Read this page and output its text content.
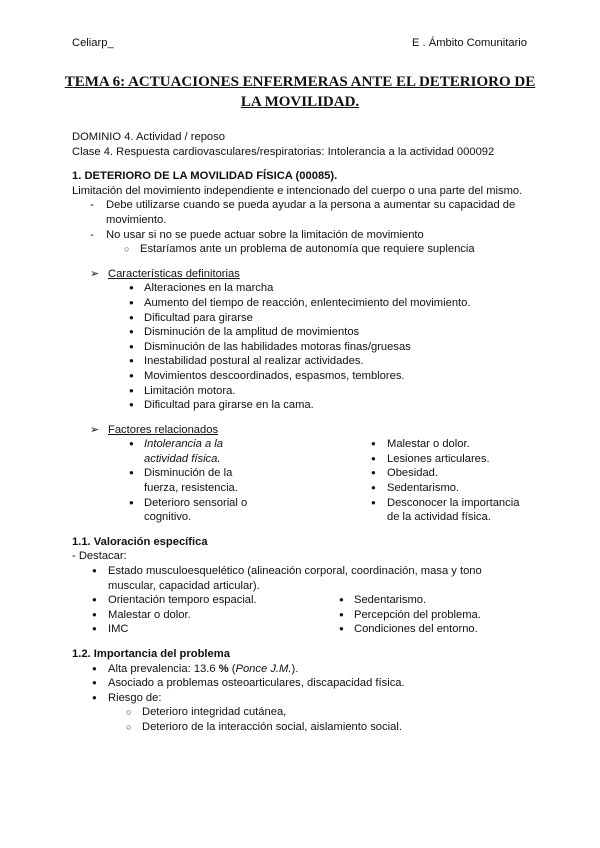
Celiarp_	E . Ámbito Comunitario
TEMA 6: ACTUACIONES ENFERMERAS ANTE EL DETERIORO DE LA MOVILIDAD.

DOMINIO 4. Actividad / reposo

Clase 4. Respuesta cardiovasculares/respiratorias: Intolerancia a la actividad 000092

1. DETERIORO DE LA MOVILIDAD FÍSICA (00085).

Limitación del movimiento independiente e intencionado del cuerpo o una parte del mismo.

- Debe utilizarse cuando se pueda ayudar a la persona a aumentar su capacidad de movimiento.
- No usar si no se puede actuar sobre la limitación de movimiento
○ Estaríamos ante un problema de autonomía que requiere suplencia
➢ Características definitorias
● Alteraciones en la marcha
● Aumento del tiempo de reacción, enlentecimiento del movimiento.
● Dificultad para girarse
● Disminución de la amplitud de movimientos
● Disminución de las habilidades motoras finas/gruesas
● Inestabilidad postural al realizar actividades.
● Movimientos descoordinados, espasmos, temblores.
● Limitación motora.
● Dificultad para girarse en la cama.
➢ Factores relacionados
● Intolerancia a la actividad física.
● Disminución de la fuerza, resistencia.
● Deterioro sensorial o cognitivo.
● Malestar o dolor.
● Lesiones articulares.
● Obesidad.
● Sedentarismo.
● Desconocer la importancia de la actividad física.

1.1. Valoración específica

- Destacar:

● Estado musculoesquelético (alineación corporal, coordinación, masa y tono muscular, capacidad articular).
● Orientación temporo espacial.
● Malestar o dolor.
● IMC
● Sedentarismo.
● Percepción del problema.
● Condiciones del entorno.

1.2. Importancia del problema

● Alta prevalencia: 13.6 % (Ponce J.M.).
● Asociado a problemas osteoarticulares, discapacidad física.
● Riesgo de:
○ Deterioro integridad cutánea,
○ Deterioro de la interacción social, aislamiento social.
